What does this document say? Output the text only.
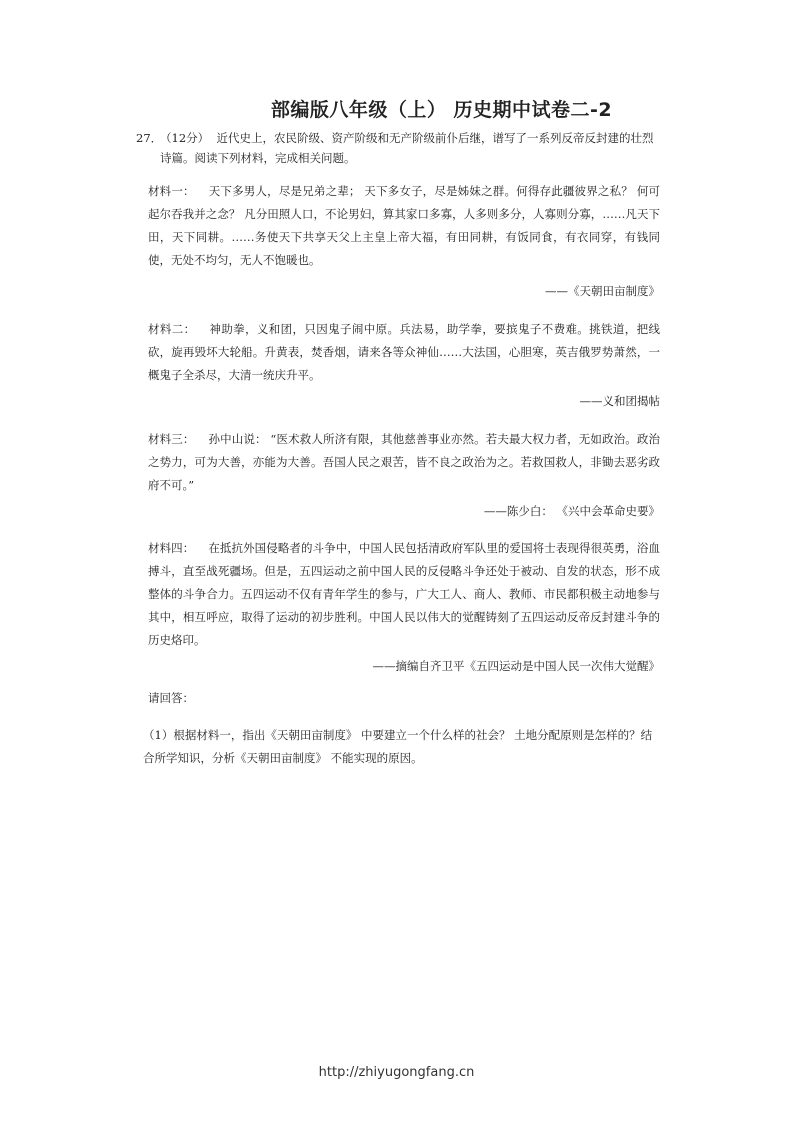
部编版八年级（上） 历史期中试卷二-2
27．
（12分） 近代史上，农民阶级、资产阶级和无产阶级前仆后继，谱写了一系列反帝反封建的壮烈诗篇。阅读下列材料，完成相关问题。
材料一： 天下多男人，尽是兄弟之辈； 天下多女子，尽是姊妹之群。何得存此疆彼界之私？ 何可起尔吞我并之念？ 凡分田照人口，不论男妇，算其家口多寡，人多则多分，人寡则分寡，……凡天下田，天下同耕。……务使天下共享天父上主皇上帝大福，有田同耕，有饭同食，有衣同穿，有钱同使，无处不均匀，无人不饱暖也。
——《天朝田亩制度》
材料二： 神助拳，义和团，只因鬼子闹中原。兵法易，助学拳，要摈鬼子不费难。挑铁道，把线砍，旋再毁坏大轮船。升黄表，焚香烟，请来各等众神仙……大法国，心胆寒，英吉俄罗势萧然，一概鬼子全杀尽，大清一统庆升平。
——义和团揭帖
材料三： 孙中山说： “医术救人所济有限，其他慈善事业亦然。若夫最大权力者，无如政治。政治之势力，可为大善，亦能为大善。吾国人民之艰苦，皆不良之政治为之。若救国救人，非锄去恶劣政府不可。”
——陈少白： 《兴中会革命史要》
材料四： 在抵抗外国侵略者的斗争中，中国人民包括清政府军队里的爱国将士表现得很英勇，浴血搏斗，直至战死疆场。但是，五四运动之前中国人民的反侵略斗争还处于被动、自发的状态，形不成整体的斗争合力。五四运动不仅有青年学生的参与，广大工人、商人、教师、市民都积极主动地参与其中，相互呼应，取得了运动的初步胜利。中国人民以伟大的觉醒铸刻了五四运动反帝反封建斗争的历史烙印。
——摘编自齐卫平《五四运动是中国人民一次伟大觉醒》
请回答：
（1）根据材料一，指出《天朝田亩制度》 中要建立一个什么样的社会？ 土地分配原则是怎样的？结合所学知识，分析《天朝田亩制度》 不能实现的原因。
http://zhiyugongfang.cn
